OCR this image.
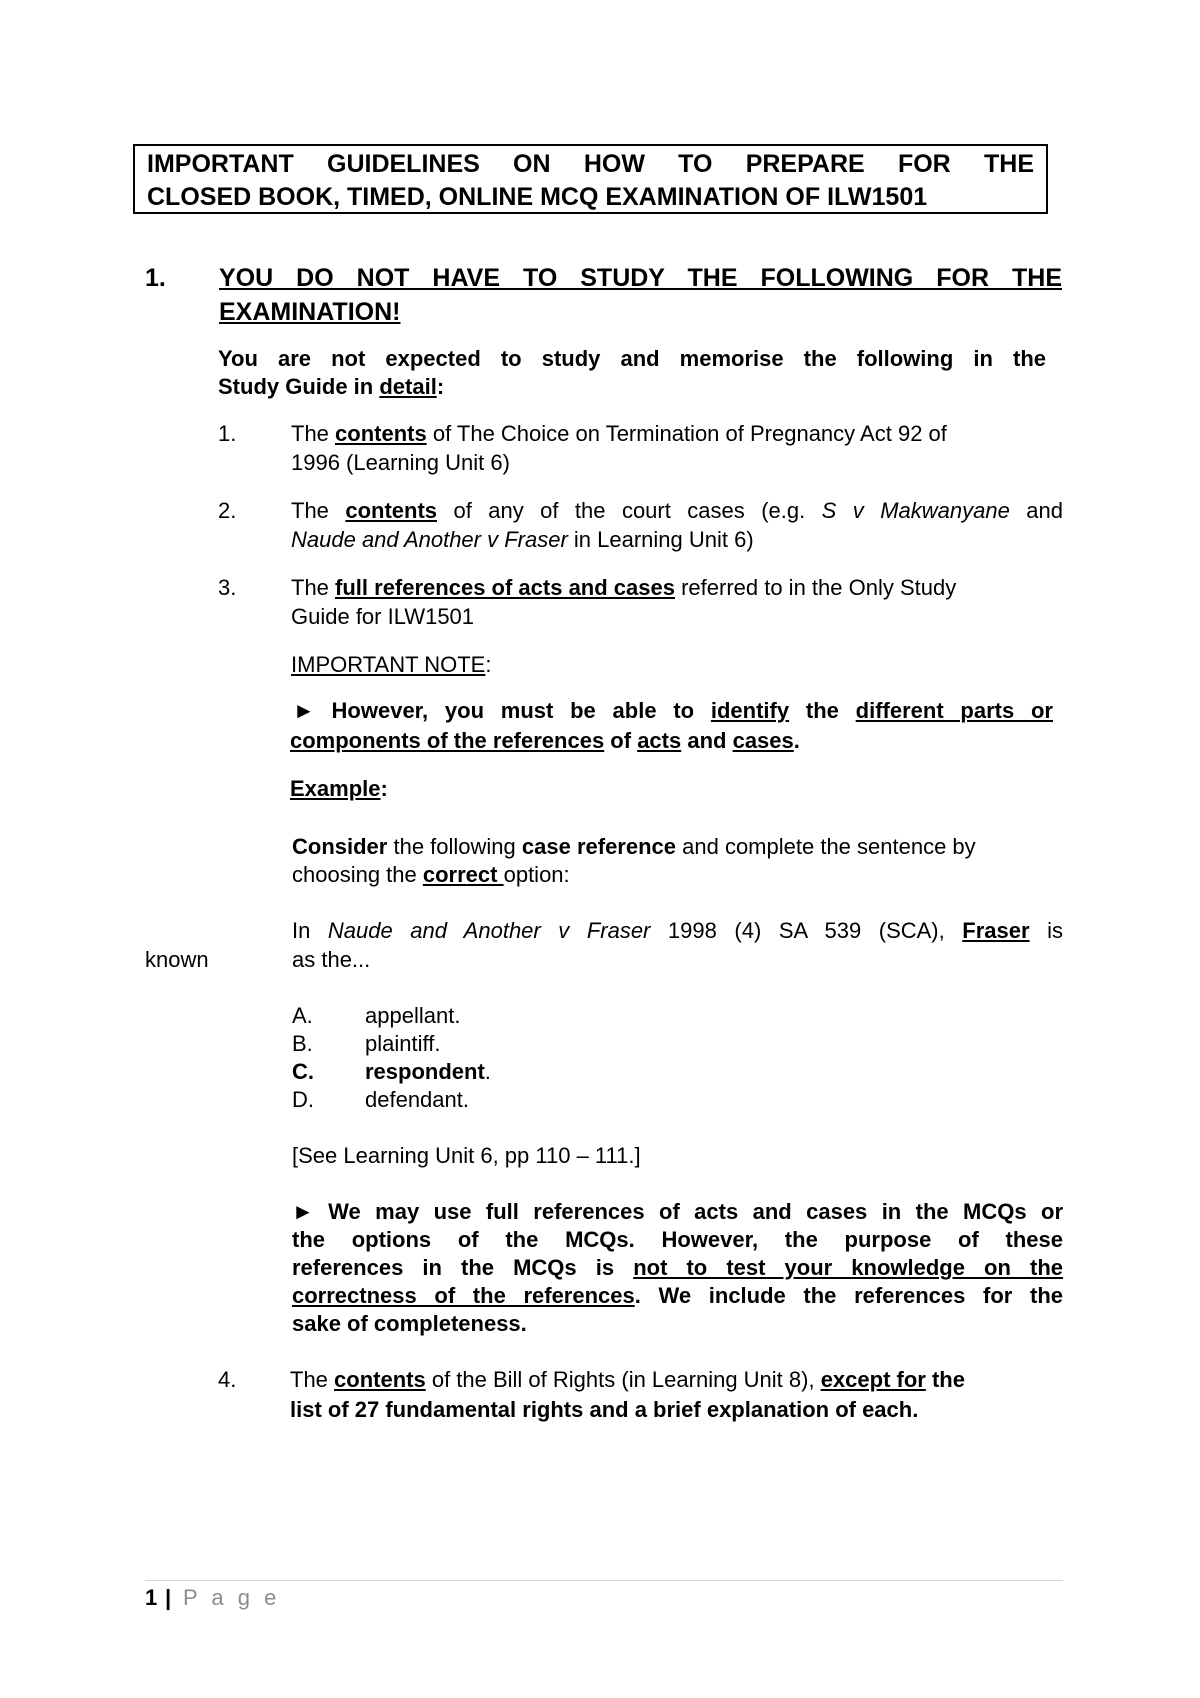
IMPORTANT GUIDELINES ON HOW TO PREPARE FOR THE
CLOSED BOOK, TIMED, ONLINE MCQ EXAMINATION OF ILW1501
1. YOU DO NOT HAVE TO STUDY THE FOLLOWING FOR THE
EXAMINATION!
You are not expected to study and memorise the following in the
Study Guide in detail:
1. The contents of The Choice on Termination of Pregnancy Act 92 of
1996 (Learning Unit 6)
2. The contents of any of the court cases (e.g. S v Makwanyane and
Naude and Another v Fraser in Learning Unit 6)
3. The full references of acts and cases referred to in the Only Study
Guide for ILW1501
IMPORTANT NOTE:
► However, you must be able to identify the different parts or
components of the references of acts and cases.
Example:
Consider the following case reference and complete the sentence by
choosing the correct option:
In Naude and Another v Fraser 1998 (4) SA 539 (SCA), Fraser is
known	as the...
A. appellant.
B. plaintiff.
C. respondent.
D. defendant.
[See Learning Unit 6, pp 110 – 111.]
► We may use full references of acts and cases in the MCQs or
the options of the MCQs. However, the purpose of these
references in the MCQs is not to test your knowledge on the
correctness of the references. We include the references for the
sake of completeness.
4. The contents of the Bill of Rights (in Learning Unit 8), except for the
list of 27 fundamental rights and a brief explanation of each.
1 | P a g e
